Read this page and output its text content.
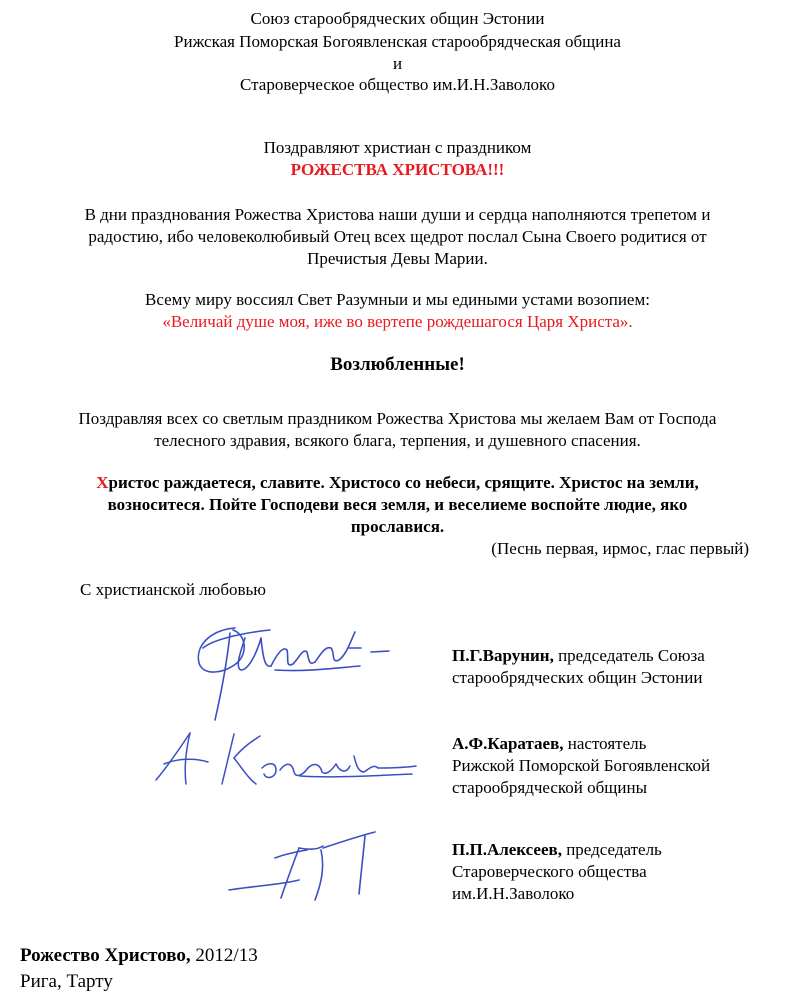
Союз старообрядческих общин Эстонии
Рижская Поморская Богоявленская старообрядческая община
и
Староверческое общество им.И.Н.Заволоко
Поздравляют христиан с праздником
РОЖЕСТВА ХРИСТОВА!!!
В дни празднования Рожества Христова наши души и сердца наполняются трепетом и
радостию, ибо человеколюбивый Отец всех щедрот послал Сына Своего родитися от
Пречистыя Девы Марии.
Всему миру воссиял Свет Разумныи и мы едиными устами возопием:
«Величай душе моя, иже во вертепе рождешагося Царя Христа».
Возлюбленные!
Поздравляя всех со светлым праздником Рожества Христова мы желаем Вам от Господа
телесного здравия, всякого блага, терпения, и душевного спасения.
Христос раждаетеся, славите. Христосо со небеси, срящите. Христос на земли,
возноситеся. Пойте Господеви веся земля, и веселиеме воспойте людие, яко
прославися.
(Песнь первая, ирмос, глас первый)
С христианской любовью
П.Г.Варунин, председатель Союза
старообрядческих общин Эстонии
А.Ф.Каратаев, настоятель
Рижской Поморской Богоявленской
старообрядческой общины
П.П.Алексеев, председатель
Староверческого общества
им.И.Н.Заволоко
Рожество Христово, 2012/13
Рига, Тарту
